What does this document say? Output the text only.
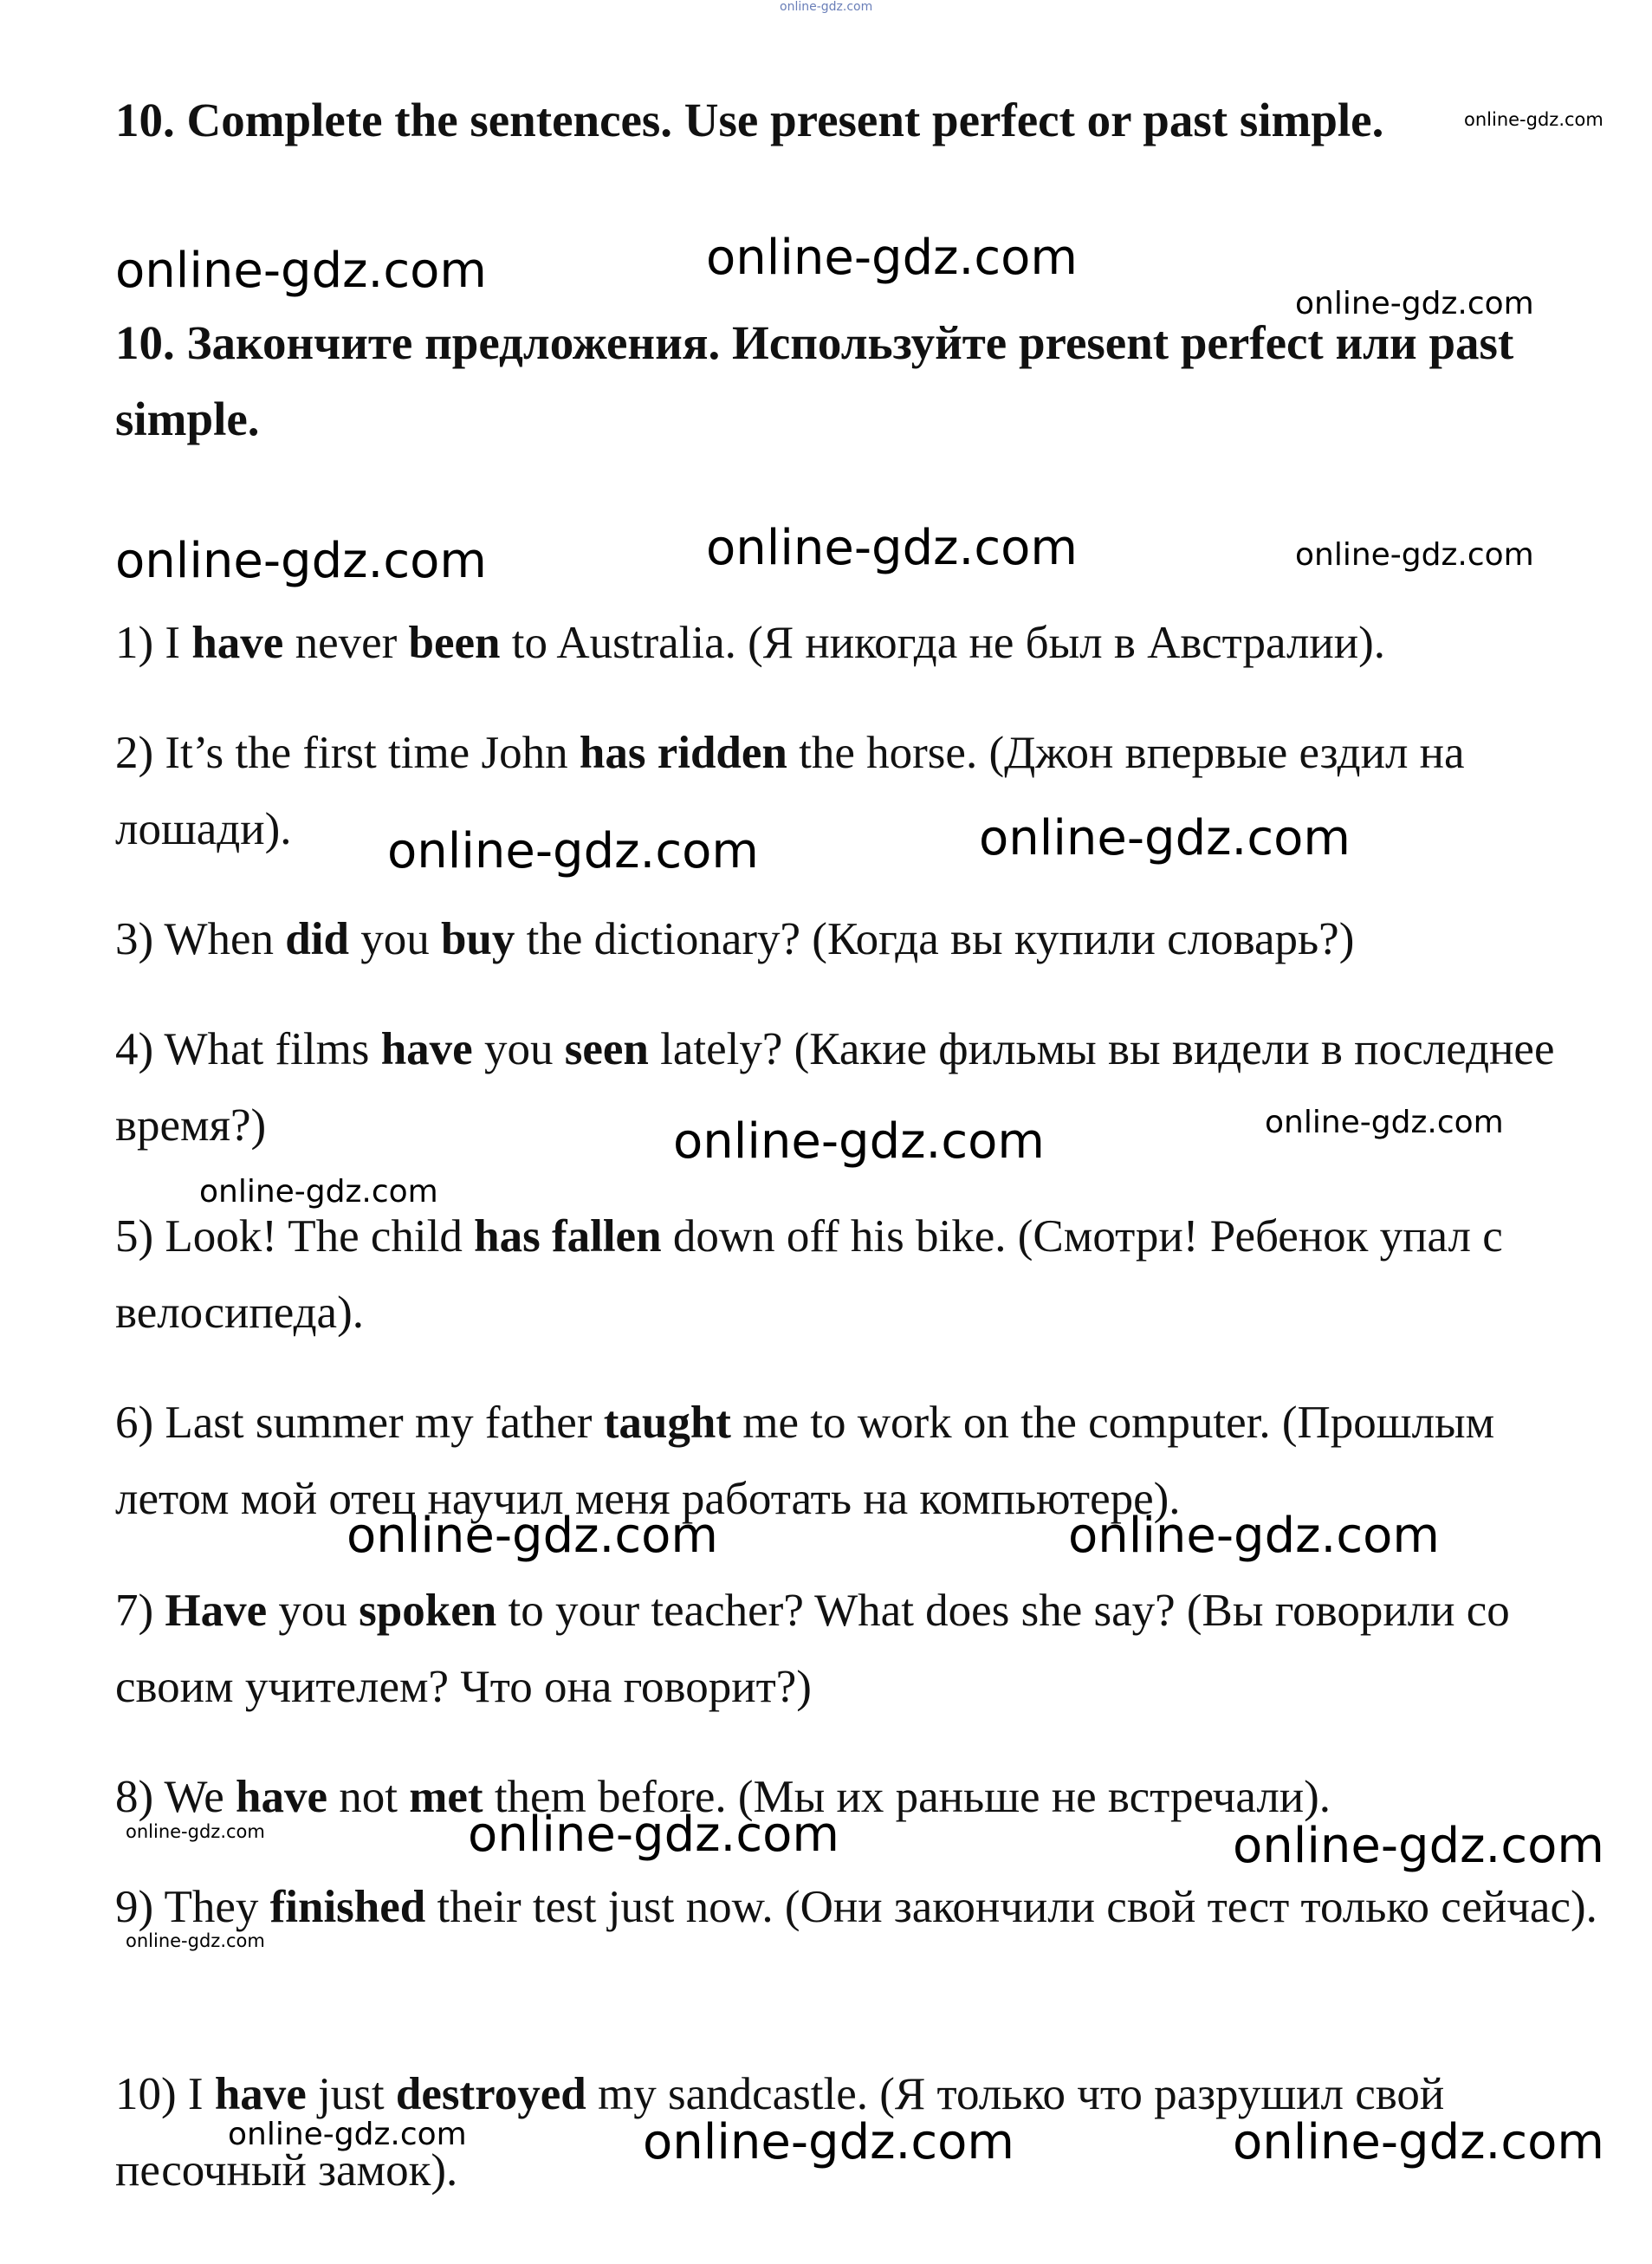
10. Complete the sentences. Use present perfect or past simple.
10. Закончите предложения. Используйте present perfect или past simple.

1) I have never been to Australia. (Я никогда не был в Австралии).

2) It’s the first time John has ridden the horse. (Джон впервые ездил на лошади).

3) When did you buy the dictionary? (Когда вы купили словарь?)

4) What films have you seen lately? (Какие фильмы вы видели в последнее время?)

5) Look! The child has fallen down off his bike. (Смотри! Ребенок упал с велосипеда).

6) Last summer my father taught me to work on the computer. (Прошлым летом мой отец научил меня работать на компьютере).

7) Have you spoken to your teacher? What does she say? (Вы говорили со своим учителем? Что она говорит?)

8) We have not met them before. (Мы их раньше не встречали).

9) They finished their test just now. (Они закончили свой тест только сейчас).

10) I have just destroyed my sandcastle. (Я только что разрушил свой песочный замок).

online-gdz.com
online-gdz.com
online-gdz.com	online-gdz.com
online-gdz.com
online-gdz.com	online-gdz.com	online-gdz.com
online-gdz.com	online-gdz.com
online-gdz.com	online-gdz.com
online-gdz.com
online-gdz.com	online-gdz.com
online-gdz.com	online-gdz.com	online-gdz.com
online-gdz.com
online-gdz.com	online-gdz.com	online-gdz.com
